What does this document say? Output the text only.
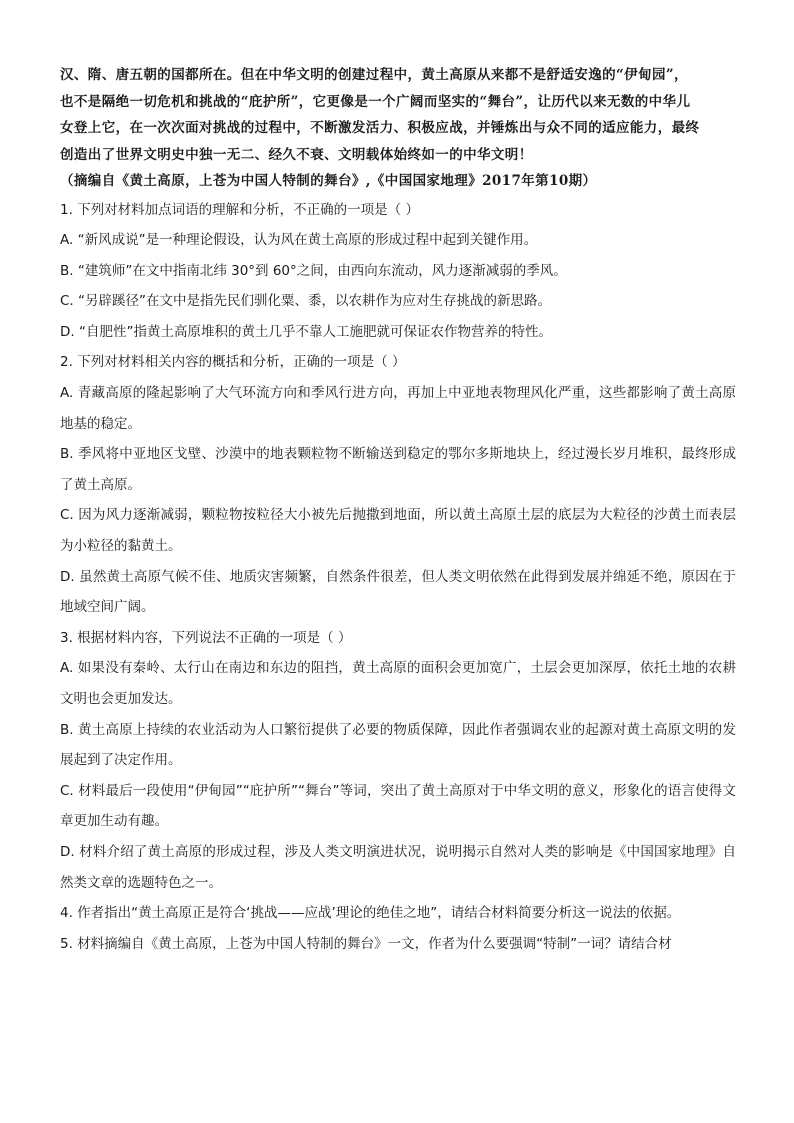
汉、隋、唐五朝的国都所在。但在中华文明的创建过程中，黄土高原从来都不是舒适安逸的“伊甸园”，

也不是隔绝一切危机和挑战的“庇护所”，它更像是一个广阔而坚实的“舞台”，让历代以来无数的中华儿

女登上它，在一次次面对挑战的过程中，不断激发活力、积极应战，并锤炼出与众不同的适应能力，最终

创造出了世界文明史中独一无二、经久不衰、文明载体始终如一的中华文明！

（摘编自《黄土高原，上苍为中国人特制的舞台》,《中国国家地理》2017年第10期）

1. 下列对材料加点词语的理解和分析，不正确的一项是（ ）

A. “新风成说”是一种理论假设，认为风在黄土高原的形成过程中起到关键作用。

B. “建筑师”在文中指南北纬 30°到 60°之间，由西向东流动，风力逐渐减弱的季风。

C. “另辟蹊径”在文中是指先民们驯化粟、黍，以农耕作为应对生存挑战的新思路。

D. “自肥性”指黄土高原堆积的黄土几乎不靠人工施肥就可保证农作物营养的特性。

2. 下列对材料相关内容的概括和分析，正确的一项是（ ）

A. 青藏高原的隆起影响了大气环流方向和季风行进方向，再加上中亚地表物理风化严重，这些都影响了黄土高原地基的稳定。

B. 季风将中亚地区戈壁、沙漠中的地表颗粒物不断输送到稳定的鄂尔多斯地块上，经过漫长岁月堆积，最终形成了黄土高原。

C. 因为风力逐渐减弱，颗粒物按粒径大小被先后抛撒到地面，所以黄土高原土层的底层为大粒径的沙黄土而表层为小粒径的黏黄土。

D. 虽然黄土高原气候不佳、地质灾害频繁，自然条件很差，但人类文明依然在此得到发展并绵延不绝，原因在于地域空间广阔。

3. 根据材料内容，下列说法不正确的一项是（ ）

A. 如果没有秦岭、太行山在南边和东边的阻挡，黄土高原的面积会更加宽广，土层会更加深厚，依托土地的农耕文明也会更加发达。

B. 黄土高原上持续的农业活动为人口繁衍提供了必要的物质保障，因此作者强调农业的起源对黄土高原文明的发展起到了决定作用。

C. 材料最后一段使用“伊甸园”“庇护所”“舞台”等词，突出了黄土高原对于中华文明的意义，形象化的语言使得文章更加生动有趣。

D. 材料介绍了黄土高原的形成过程，涉及人类文明演进状况，说明揭示自然对人类的影响是《中国国家地理》自然类文章的选题特色之一。

4. 作者指出“黄土高原正是符合‘挑战——应战’理论的绝佳之地”，请结合材料简要分析这一说法的依据。

5. 材料摘编自《黄土高原，上苍为中国人特制的舞台》一文，作者为什么要强调“特制”一词？请结合材
